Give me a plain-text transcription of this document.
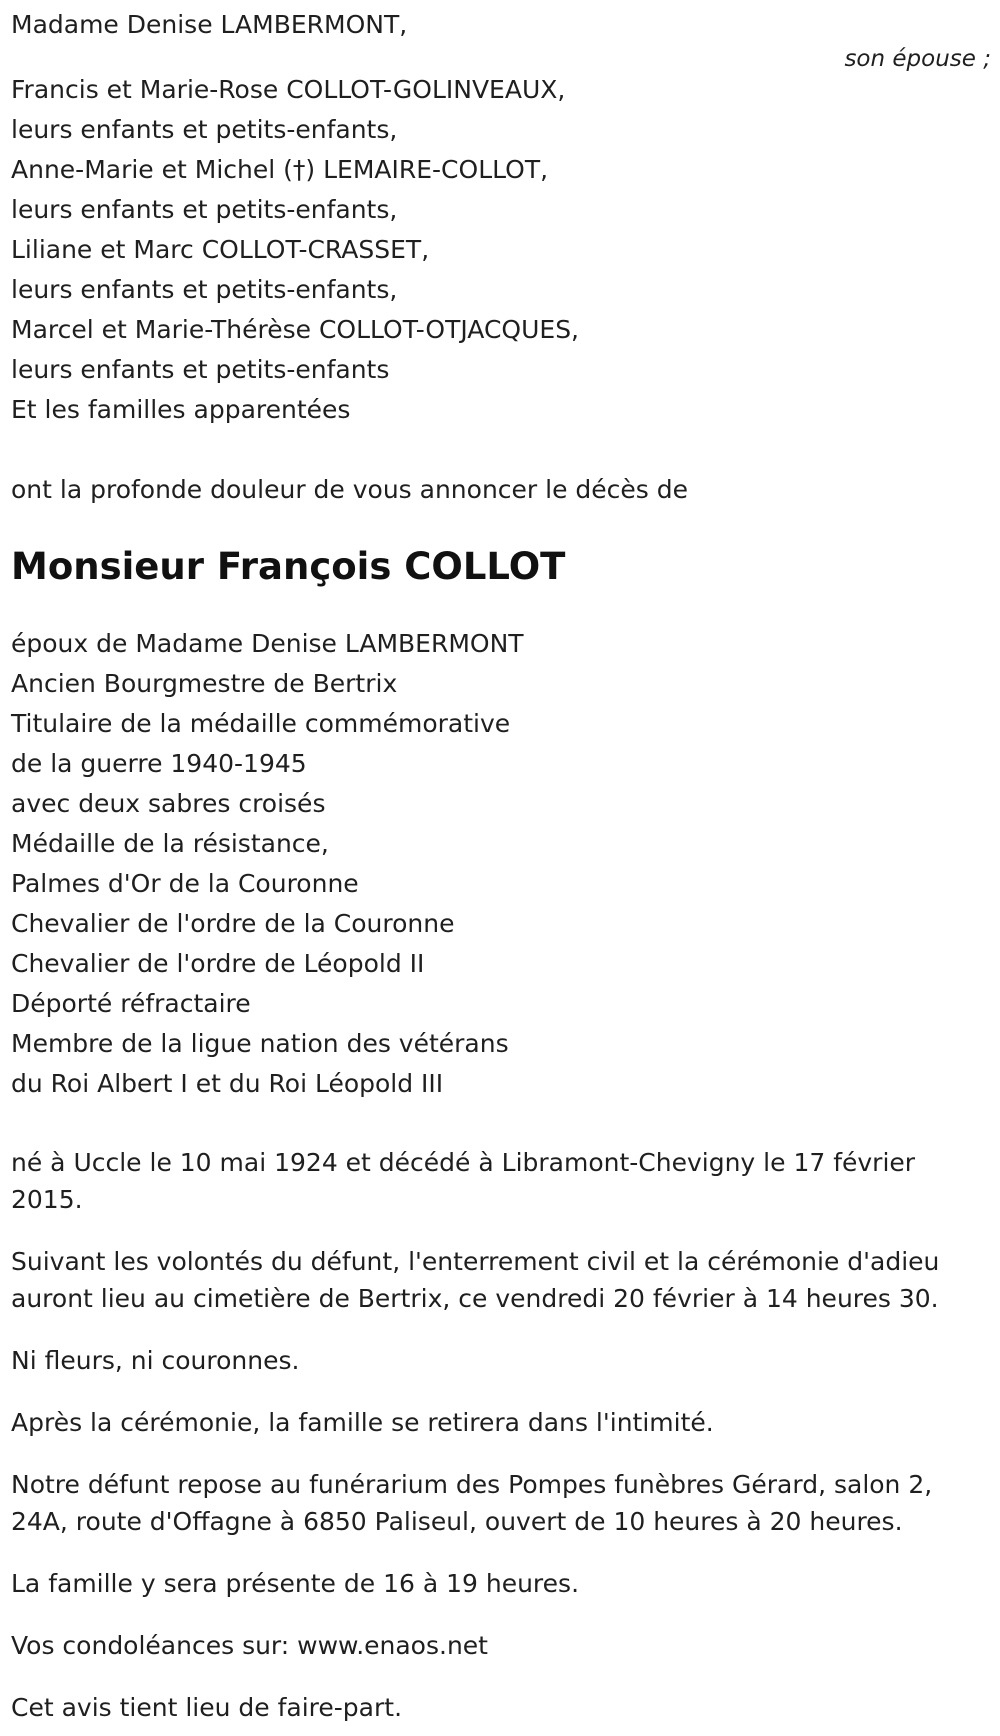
Madame Denise LAMBERMONT,
son épouse ;
Francis et Marie-Rose COLLOT-GOLINVEAUX,
leurs enfants et petits-enfants,
Anne-Marie et Michel (†) LEMAIRE-COLLOT,
leurs enfants et petits-enfants,
Liliane et Marc COLLOT-CRASSET,
leurs enfants et petits-enfants,
Marcel et Marie-Thérèse COLLOT-OTJACQUES,
leurs enfants et petits-enfants
Et les familles apparentées
ont la profonde douleur de vous annoncer le décès de
Monsieur François COLLOT
époux de Madame Denise LAMBERMONT
Ancien Bourgmestre de Bertrix
Titulaire de la médaille commémorative
de la guerre 1940-1945
avec deux sabres croisés
Médaille de la résistance,
Palmes d'Or de la Couronne
Chevalier de l'ordre de la Couronne
Chevalier de l'ordre de Léopold II
Déporté réfractaire
Membre de la ligue nation des vétérans
du Roi Albert I et du Roi Léopold III

né à Uccle le 10 mai 1924 et décédé à Libramont-Chevigny le 17 février 2015.

Suivant les volontés du défunt, l'enterrement civil et la cérémonie d'adieu auront lieu au cimetière de Bertrix, ce vendredi 20 février à 14 heures 30.

Ni fleurs, ni couronnes.

Après la cérémonie, la famille se retirera dans l'intimité.

Notre défunt repose au funérarium des Pompes funèbres Gérard, salon 2, 24A, route d'Offagne à 6850 Paliseul, ouvert de 10 heures à 20 heures.

La famille y sera présente de 16 à 19 heures.

Vos condoléances sur: www.enaos.net

Cet avis tient lieu de faire-part.
